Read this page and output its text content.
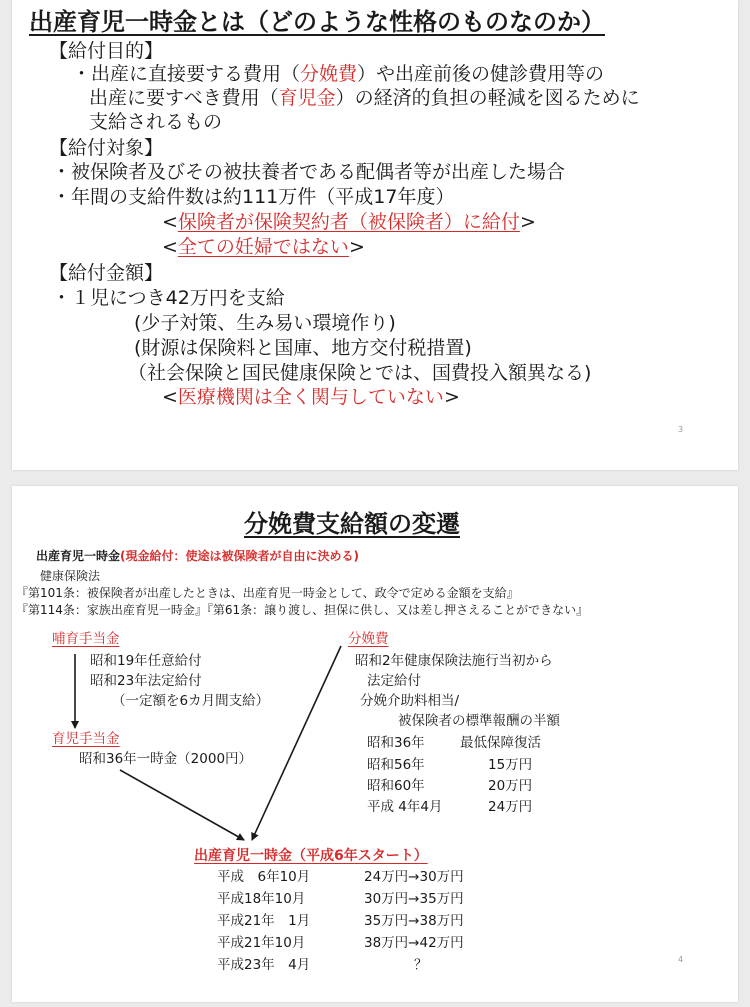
出産育児一時金とは（どのような性格のものなのか）
【給付目的】
・出産に直接要する費用（分娩費）や出産前後の健診費用等の
出産に要すべき費用（育児金）の経済的負担の軽減を図るために
支給されるもの
【給付対象】
・被保険者及びその被扶養者である配偶者等が出産した場合
・年間の支給件数は約111万件（平成17年度）
<保険者が保険契約者（被保険者）に給付>
<全ての妊婦ではない>
【給付金額】
・１児につき42万円を支給
(少子対策、生み易い環境作り)
(財源は保険料と国庫、地方交付税措置)
（社会保険と国民健康保険とでは、国費投入額異なる)
<医療機関は全く関与していない>
3
分娩費支給額の変遷
出産育児一時金(現金給付：使途は被保険者が自由に決める)
健康保険法
『第101条：被保険者が出産したときは、出産育児一時金として、政令で定める金額を支給』
『第114条：家族出産育児一時金』『第61条：譲り渡し、担保に供し、又は差し押さえることができない』
哺育手当金
昭和19年任意給付
昭和23年法定給付
（一定額を6カ月間支給）
育児手当金
昭和36年一時金（2000円）
分娩費
昭和2年健康保険法施行当初から
法定給付
分娩介助料相当/
被保険者の標準報酬の半額
昭和36年	最低保障復活
昭和56年	15万円
昭和60年	20万円
平成 4年4月	24万円
出産育児一時金（平成6年スタート）
平成　6年10月	24万円→30万円
平成18年10月	30万円→35万円
平成21年　1月	35万円→38万円
平成21年10月	38万円→42万円
平成23年　4月	？	4
